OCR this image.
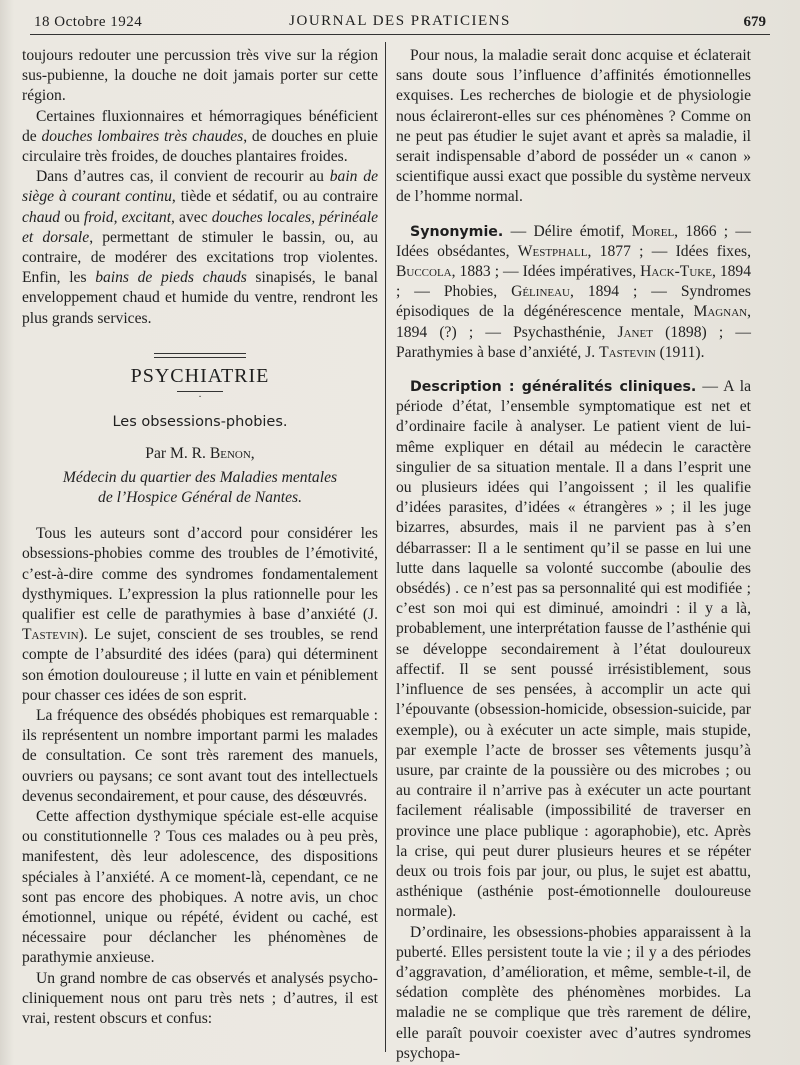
18 Octobre 1924	JOURNAL DES PRATICIENS	679

toujours redouter une percussion très vive sur la région sus-pubienne, la douche ne doit jamais porter sur cette région.

Certaines fluxionnaires et hémorragiques bénéficient de douches lombaires très chaudes, de douches en pluie circulaire très froides, de douches plantaires froides.

Dans d’autres cas, il convient de recourir au bain de siège à courant continu, tiède et sédatif, ou au contraire chaud ou froid, excitant, avec douches locales, périnéale et dorsale, permettant de stimuler le bassin, ou, au contraire, de modérer des excitations trop violentes. Enfin, les bains de pieds chauds sinapisés, le banal enveloppement chaud et humide du ventre, rendront les plus grands services.

PSYCHIATRIE
·
Les obsessions-phobies.
Par M. R. Benon,
Médecin du quartier des Maladies mentales
de l’Hospice Général de Nantes.

Tous les auteurs sont d’accord pour considérer les obsessions-phobies comme des troubles de l’émotivité, c’est-à-dire comme des syndromes fondamentalement dysthymiques. L’expression la plus rationnelle pour les qualifier est celle de parathymies à base d’anxiété (J. Tastevin). Le sujet, conscient de ses troubles, se rend compte de l’absurdité des idées (para) qui déterminent son émotion douloureuse ; il lutte en vain et péniblement pour chasser ces idées de son esprit.

La fréquence des obsédés phobiques est remarquable : ils représentent un nombre important parmi les malades de consultation. Ce sont très rarement des manuels, ouvriers ou paysans; ce sont avant tout des intellectuels devenus secondairement, et pour cause, des désœuvrés.

Cette affection dysthymique spéciale est-elle acquise ou constitutionnelle ? Tous ces malades ou à peu près, manifestent, dès leur adolescence, des dispositions spéciales à l’anxiété. A ce moment-là, cependant, ce ne sont pas encore des phobiques. A notre avis, un choc émotionnel, unique ou répété, évident ou caché, est nécessaire pour déclancher les phénomènes de parathymie anxieuse.

Un grand nombre de cas observés et analysés psycho-cliniquement nous ont paru très nets ; d’autres, il est vrai, restent obscurs et confus:

Pour nous, la maladie serait donc acquise et éclaterait sans doute sous l’influence d’affinités émotionnelles exquises. Les recherches de biologie et de physiologie nous éclaireront-elles sur ces phénomènes ? Comme on ne peut pas étudier le sujet avant et après sa maladie, il serait indispensable d’abord de posséder un « canon » scientifique aussi exact que possible du système nerveux de l’homme normal.

Synonymie. — Délire émotif, Morel, 1866 ; — Idées obsédantes, Westphall, 1877 ; — Idées fixes, Buccola, 1883 ; — Idées impératives, Hack-Tuke, 1894 ; — Phobies, Gélineau, 1894 ; — Syndromes épisodiques de la dégénérescence mentale, Magnan, 1894 (?) ; — Psychasthénie, Janet (1898) ; — Parathymies à base d’anxiété, J. Tastevin (1911).

Description : généralités cliniques. — A la période d’état, l’ensemble symptomatique est net et d’ordinaire facile à analyser. Le patient vient de lui-même expliquer en détail au médecin le caractère singulier de sa situation mentale. Il a dans l’esprit une ou plusieurs idées qui l’angoissent ; il les qualifie d’idées parasites, d’idées « étrangères » ; il les juge bizarres, absurdes, mais il ne parvient pas à s’en débarrasser: Il a le sentiment qu’il se passe en lui une lutte dans laquelle sa volonté succombe (aboulie des obsédés) . ce n’est pas sa personnalité qui est modifiée ; c’est son moi qui est diminué, amoindri : il y a là, probablement, une interprétation fausse de l’asthénie qui se développe secondairement à l’état douloureux affectif. Il se sent poussé irrésistiblement, sous l’influence de ses pensées, à accomplir un acte qui l’épouvante (obsession-homicide, obsession-suicide, par exemple), ou à exécuter un acte simple, mais stupide, par exemple l’acte de brosser ses vêtements jusqu’à usure, par crainte de la poussière ou des microbes ; ou au contraire il n’arrive pas à exécuter un acte pourtant facilement réalisable (impossibilité de traverser en province une place publique : agoraphobie), etc. Après la crise, qui peut durer plusieurs heures et se répéter deux ou trois fois par jour, ou plus, le sujet est abattu, asthénique (asthénie post-émotionnelle douloureuse normale).

D’ordinaire, les obsessions-phobies apparaissent à la puberté. Elles persistent toute la vie ; il y a des périodes d’aggravation, d’amélioration, et même, semble-t-il, de sédation complète des phénomènes morbides. La maladie ne se complique que très rarement de délire, elle paraît pouvoir coexister avec d’autres syndromes psychopa-
